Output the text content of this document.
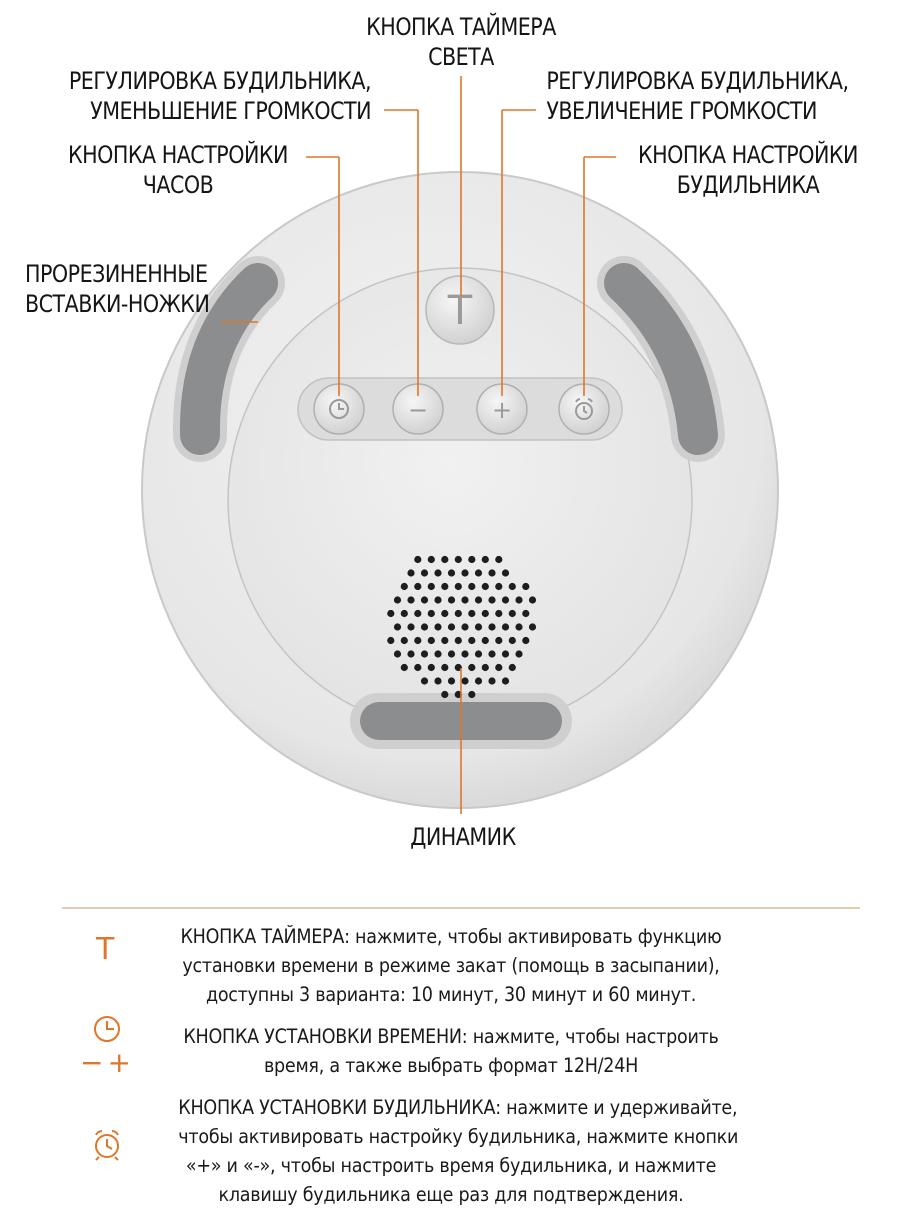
T
−	+
КНОПКА ТАЙМЕРА
СВЕТА
РЕГУЛИРОВКА БУДИЛЬНИКА,
УМЕНЬШЕНИЕ ГРОМКОСТИ
РЕГУЛИРОВКА БУДИЛЬНИКА,
УВЕЛИЧЕНИЕ ГРОМКОСТИ
КНОПКА НАСТРОЙКИ
ЧАСОВ
КНОПКА НАСТРОЙКИ
БУДИЛЬНИКА
ПРОРЕЗИНЕННЫЕ
ВСТАВКИ-НОЖКИ
ДИНАМИК
T	КНОПКА ТАЙМЕРА: нажмите, чтобы активировать функцию
установки времени в режиме закат (помощь в засыпании),
доступны 3 варианта: 10 минут, 30 минут и 60 минут.
−+
КНОПКА УСТАНОВКИ ВРЕМЕНИ: нажмите, чтобы настроить
время, а также выбрать формат 12H/24H
КНОПКА УСТАНОВКИ БУДИЛЬНИКА: нажмите и удерживайте,
чтобы активировать настройку будильника, нажмите кнопки
«+» и «-», чтобы настроить время будильника, и нажмите
клавишу будильника еще раз для подтверждения.
